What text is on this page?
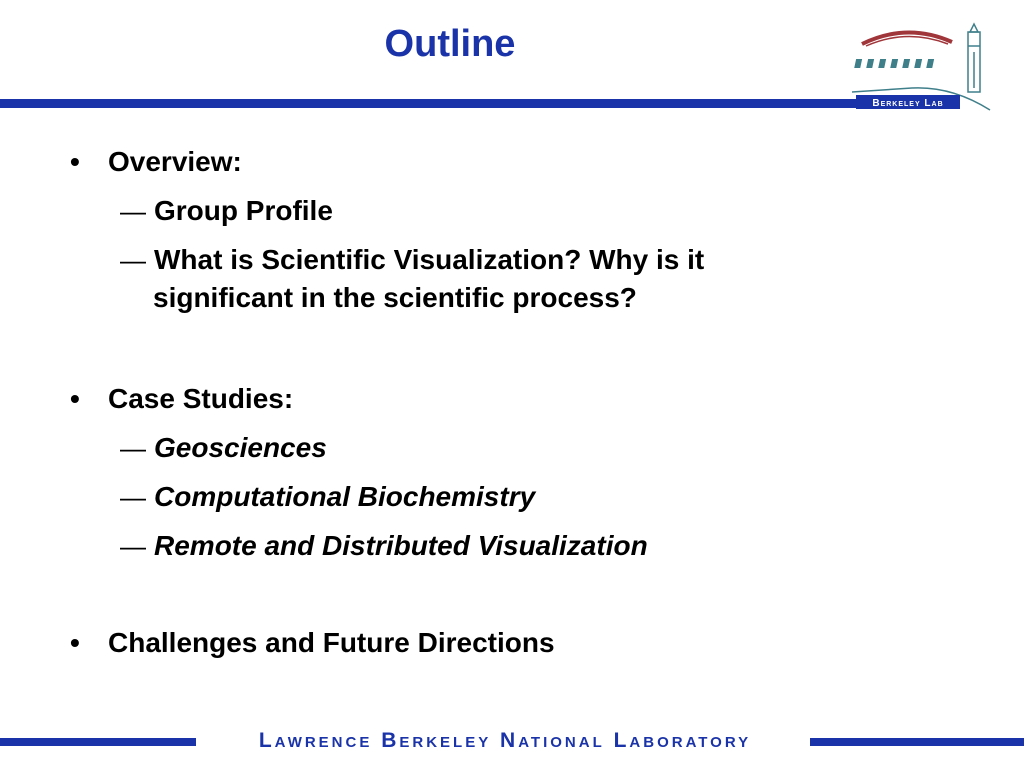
Outline
Berkeley Lab
• Overview:
— Group Profile
— What is Scientific Visualization? Why is it
significant in the scientific process?
• Case Studies:
— Geosciences
— Computational Biochemistry
— Remote and Distributed Visualization
• Challenges and Future Directions
Lawrence Berkeley National Laboratory
